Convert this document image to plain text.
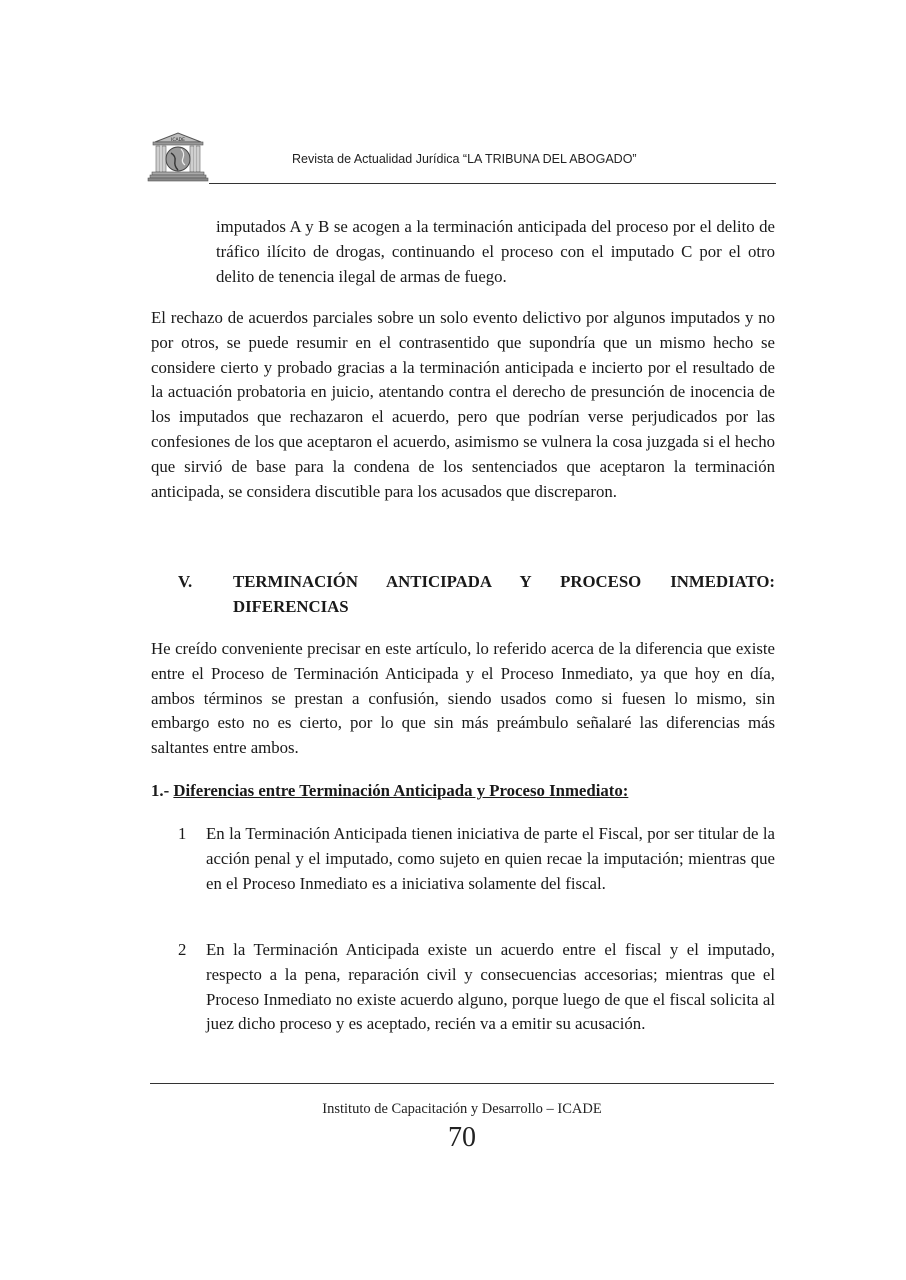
ICADE
Revista de Actualidad Jurídica “LA TRIBUNA DEL ABOGADO”

imputados A y B se acogen a la terminación anticipada del proceso por el delito de tráfico ilícito de drogas, continuando el proceso con el imputado C por el otro delito de tenencia ilegal de armas de fuego.

El rechazo de acuerdos parciales sobre un solo evento delictivo por algunos imputados y no por otros, se puede resumir en el contrasentido que supondría que un mismo hecho se considere cierto y probado gracias a la terminación anticipada e incierto por el resultado de la actuación probatoria en juicio, atentando contra el derecho de presunción de inocencia de los imputados que rechazaron el acuerdo, pero que podrían verse perjudicados por las confesiones de los que aceptaron el acuerdo, asimismo se vulnera la cosa juzgada si el hecho que sirvió de base para la condena de los sentenciados que aceptaron la terminación anticipada, se considera discutible para los acusados que discreparon.

V. TERMINACIÓN ANTICIPADA Y PROCESO INMEDIATO: DIFERENCIAS

He creído conveniente precisar en este artículo, lo referido acerca de la diferencia que existe entre el Proceso de Terminación Anticipada y el Proceso Inmediato, ya que hoy en día, ambos términos se prestan a confusión, siendo usados como si fuesen lo mismo, sin embargo esto no es cierto, por lo que sin más preámbulo señalaré las diferencias más saltantes entre ambos.

1.- Diferencias entre Terminación Anticipada y Proceso Inmediato:

1 En la Terminación Anticipada tienen iniciativa de parte el Fiscal, por ser titular de la acción penal y el imputado, como sujeto en quien recae la imputación; mientras que en el Proceso Inmediato es a iniciativa solamente del fiscal.

2 En la Terminación Anticipada existe un acuerdo entre el fiscal y el imputado, respecto a la pena, reparación civil y consecuencias accesorias; mientras que el Proceso Inmediato no existe acuerdo alguno, porque luego de que el fiscal solicita al juez dicho proceso y es aceptado, recién va a emitir su acusación.

Instituto de Capacitación y Desarrollo – ICADE
70
